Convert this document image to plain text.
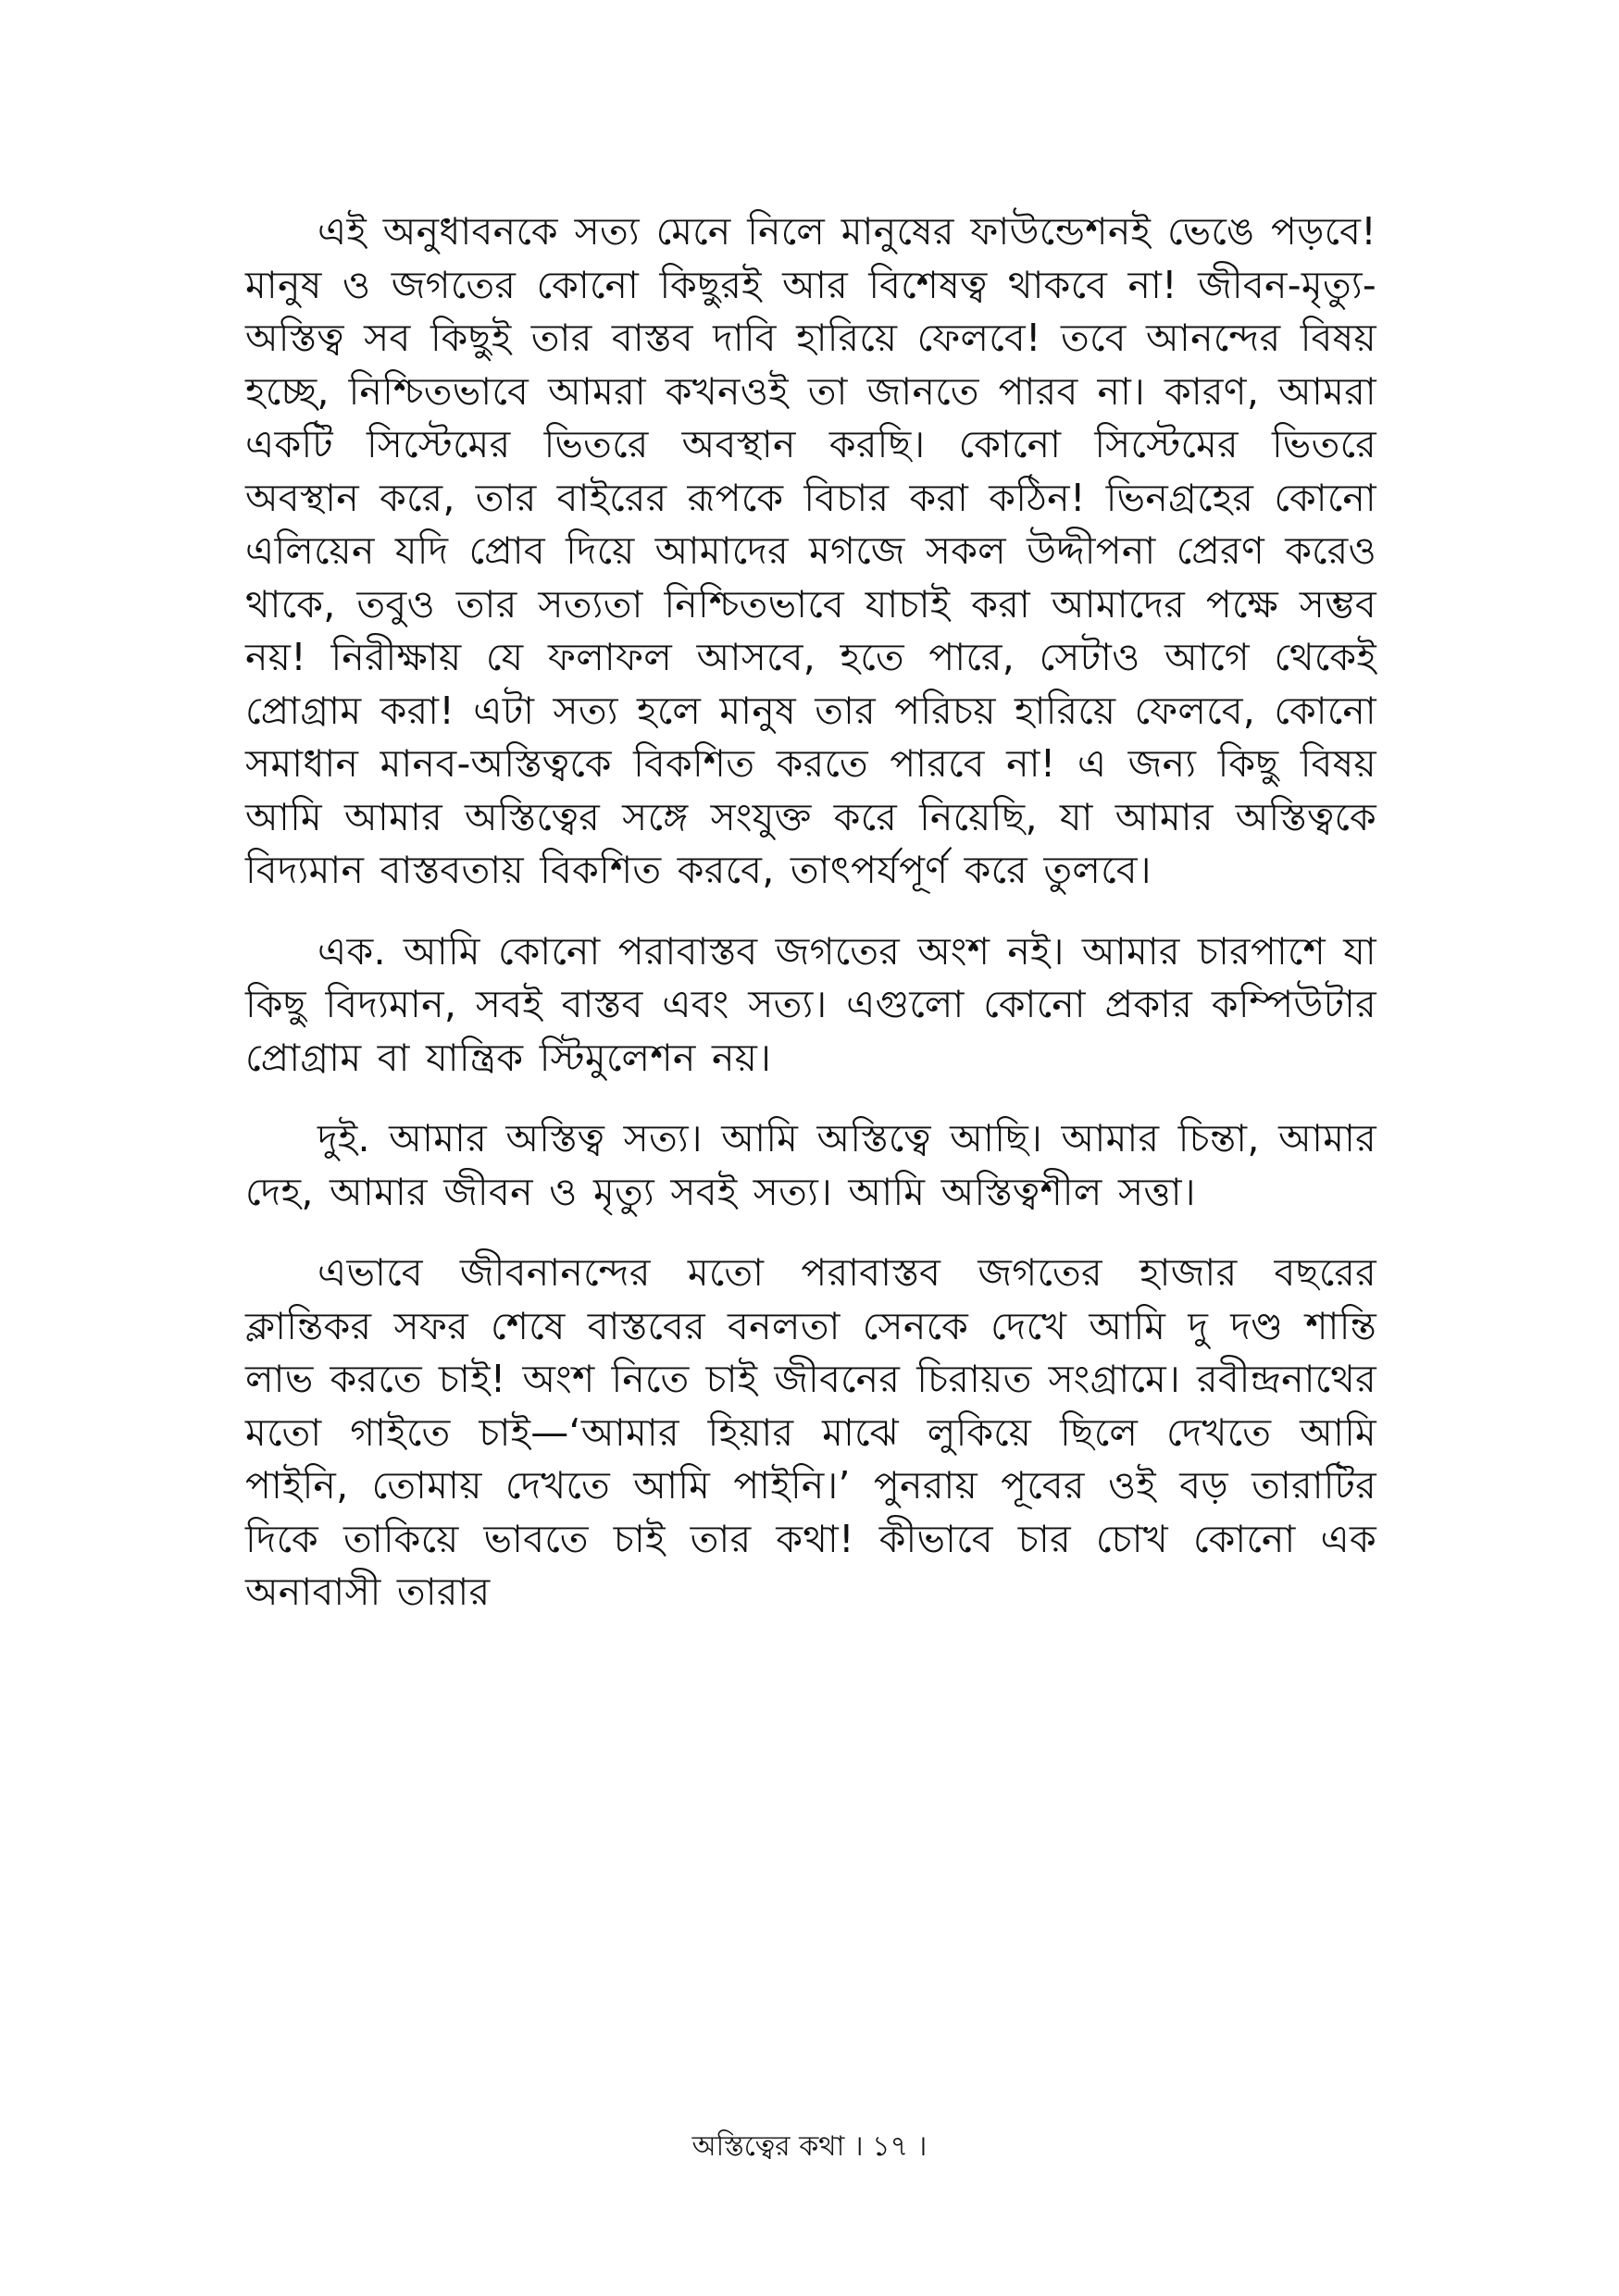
এই অনুধাবনকে সত্য মেনে নিলে মানুষের ফাউন্ডেশনই ভেঙে পড়বে! মানুষ ও জগতের কোনো কিছুরই আর বিশেষত্ব থাকবে না! জীবন-মৃত্যু-অস্তিত্ব সব কিছুই তার বাস্তব দাবি হারিয়ে ফেলবে! তবে আনন্দের বিষয় হচ্ছে, নিশ্চিতভাবে আমরা কখনওই তা জানতে পারব না। কারণ, আমরা একটি সিস্টেমের ভিতরে অবস্থান করছি। কোনো সিস্টেমের ভিতরে অবস্থান করে, তার বাইরের রূপকে বিচার করা কঠিন! ভিনগ্রহের কোনো এলিয়েন যদি প্রোব দিয়ে আমাদের মগজে সকল উদ্দীপনা প্রেরণ করেও থাকে, তবুও তার সত্যতা নিশ্চিতভাবে যাচাই করা আমাদের পক্ষে সম্ভব নয়! নিরীক্ষায় যে ফলাফল আসবে, হতে পারে, সেটাও আগে থেকেই প্রোগ্রাম করা! এটা সত্য হলে মানুষ তার পরিচয় হারিয়ে ফেলবে, কোনো সমাধান মানব-অস্তিত্বকে বিকশিত করতে পারবে না! এ জন্য কিছু বিষয় আমি আমার অস্তিত্বের সঙ্গে সংযুক্ত করে নিয়েছি, যা আমার অস্তিত্বকে বিদ্যমান বাস্তবতায় বিকশিত করবে, তাৎপর্যপূর্ণ করে তুলবে।

এক. আমি কোনো পরাবাস্তব জগতের অংশ নই। আমার চারপাশে যা কিছু বিদ্যমান, সবই বাস্তব এবং সত্য। এগুলো কোনো প্রকার কম্পিউটার প্রোগ্রাম বা যান্ত্রিক স্টিমুলেশন নয়।

দুই. আমার অস্তিত্ব সত্য। আমি অস্তিত্বে আছি। আমার চিন্তা, আমার দেহ, আমার জীবন ও মৃত্যু সবই সত্য। আমি অস্তিত্বশীল সত্তা।

এভাবে জীবনানন্দের মতো পরাবাস্তব জগতের হাজার বছরের ক্লান্তিকর সফর শেষে বাস্তবের বনলতা সেনকে দেখে আমি দু দণ্ড শান্তি লাভ করতে চাই! অংশ নিতে চাই জীবনের চিরায়ত সংগ্রামে। রবীন্দ্রনাথের মতো গাইতে চাই—‘আমার হিয়ার মাঝে লুকিয়ে ছিলে দেখতে আমি পাইনি, তোমায় দেখতে আমি পাইনি।’ পুনরায় পূবের ওই বড় তারাটির দিকে তাকিয়ে ভাবতে চাই তার কথা! কীভাবে চার চোখ কোনো এক অনাবাসী তারার

অস্তিত্বের কথা । ১৭ ।
